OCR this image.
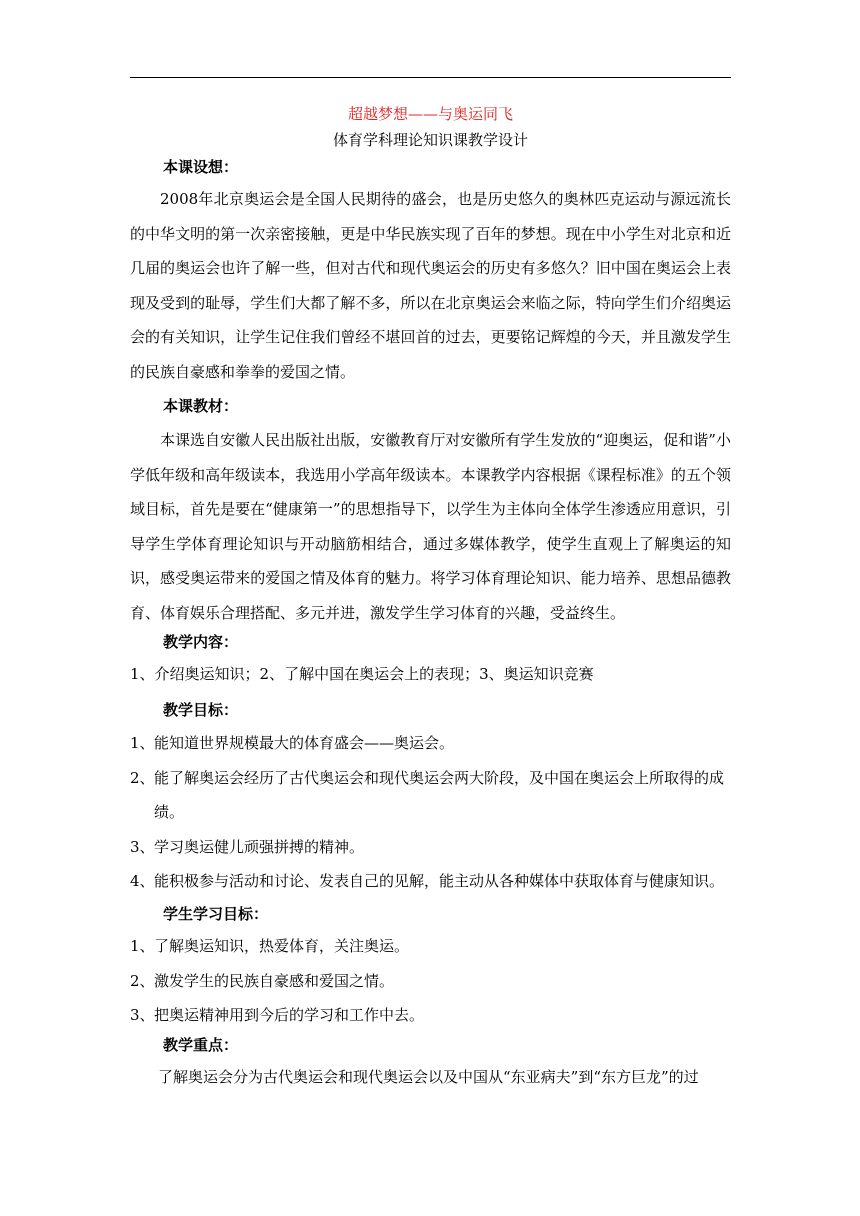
超越梦想——与奥运同飞
体育学科理论知识课教学设计
本课设想：
2008年北京奥运会是全国人民期待的盛会，也是历史悠久的奥林匹克运动与源远流长的中华文明的第一次亲密接触，更是中华民族实现了百年的梦想。现在中小学生对北京和近几届的奥运会也许了解一些，但对古代和现代奥运会的历史有多悠久？旧中国在奥运会上表现及受到的耻辱，学生们大都了解不多，所以在北京奥运会来临之际，特向学生们介绍奥运会的有关知识，让学生记住我们曾经不堪回首的过去，更要铭记辉煌的今天，并且激发学生的民族自豪感和拳拳的爱国之情。
本课教材：
本课选自安徽人民出版社出版，安徽教育厅对安徽所有学生发放的“迎奥运，促和谐”小学低年级和高年级读本，我选用小学高年级读本。本课教学内容根据《课程标准》的五个领域目标，首先是要在“健康第一”的思想指导下，以学生为主体向全体学生渗透应用意识，引导学生学体育理论知识与开动脑筋相结合，通过多媒体教学，使学生直观上了解奥运的知识，感受奥运带来的爱国之情及体育的魅力。将学习体育理论知识、能力培养、思想品德教育、体育娱乐合理搭配、多元并进，激发学生学习体育的兴趣，受益终生。
教学内容：
1、介绍奥运知识；2、了解中国在奥运会上的表现；3、奥运知识竞赛
教学目标：
1、能知道世界规模最大的体育盛会——奥运会。
2、能了解奥运会经历了古代奥运会和现代奥运会两大阶段，及中国在奥运会上所取得的成绩。
3、学习奥运健儿顽强拼搏的精神。
4、能积极参与活动和讨论、发表自己的见解，能主动从各种媒体中获取体育与健康知识。
学生学习目标：
1、了解奥运知识，热爱体育，关注奥运。
2、激发学生的民族自豪感和爱国之情。
3、把奥运精神用到今后的学习和工作中去。
教学重点：
了解奥运会分为古代奥运会和现代奥运会以及中国从“东亚病夫”到“东方巨龙”的过
